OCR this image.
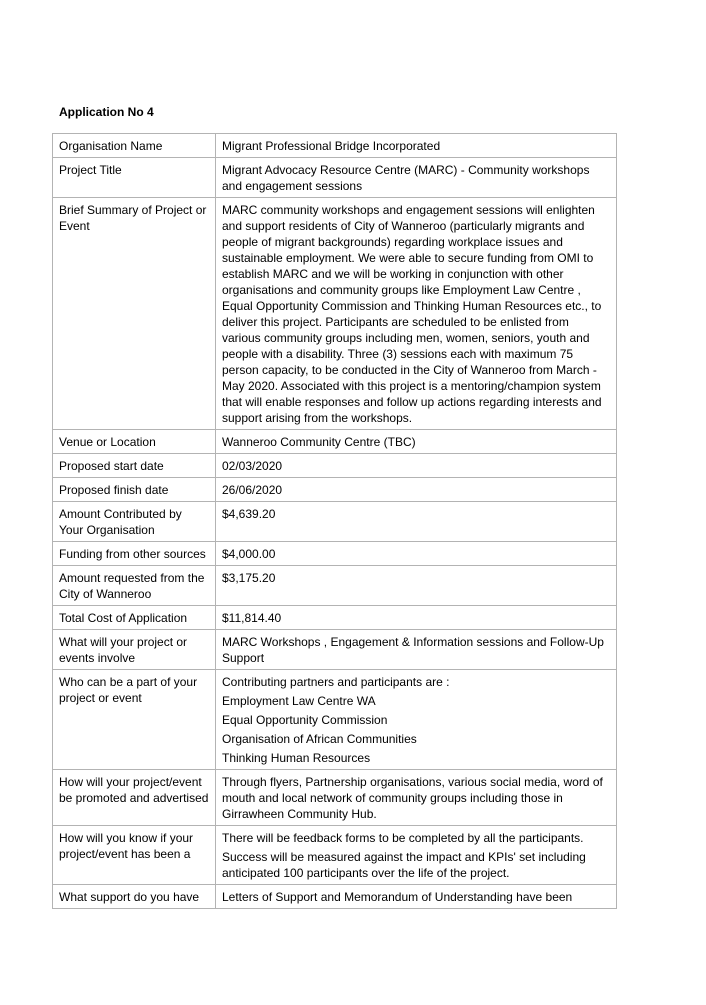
Application No 4
Organisation Name	Migrant Professional Bridge Incorporated

Project Title	Migrant Advocacy Resource Centre (MARC) - Community workshops and engagement sessions

Brief Summary of Project or Event	MARC community workshops and engagement sessions will enlighten and support residents of City of Wanneroo (particularly migrants and people of migrant backgrounds) regarding workplace issues and sustainable employment. We were able to secure funding from OMI to establish MARC and we will be working in conjunction with other organisations and community groups like Employment Law Centre , Equal Opportunity Commission and Thinking Human Resources etc., to deliver this project. Participants are scheduled to be enlisted from various community groups including men, women, seniors, youth and people with a disability. Three (3) sessions each with maximum 75 person capacity, to be conducted in the City of Wanneroo from March - May 2020. Associated with this project is a mentoring/champion system that will enable responses and follow up actions regarding interests and support arising from the workshops.

Venue or Location	Wanneroo Community Centre (TBC)

Proposed start date	02/03/2020

Proposed finish date	26/06/2020

Amount Contributed by Your Organisation	$4,639.20

Funding from other sources	$4,000.00

Amount requested from the City of Wanneroo	$3,175.20

Total Cost of Application	$11,814.40

What will your project or events involve	MARC Workshops , Engagement & Information sessions and Follow-Up Support

Who can be a part of your project or event	Contributing partners and participants are :
Employment Law Centre WA
Equal Opportunity Commission
Organisation of African Communities
Thinking Human Resources

How will your project/event be promoted and advertised	Through flyers, Partnership organisations, various social media, word of mouth and local network of community groups including those in Girrawheen Community Hub.

How will you know if your project/event has been a	There will be feedback forms to be completed by all the participants.
Success will be measured against the impact and KPIs' set including anticipated 100 participants over the life of the project.

What support do you have	Letters of Support and Memorandum of Understanding have been
